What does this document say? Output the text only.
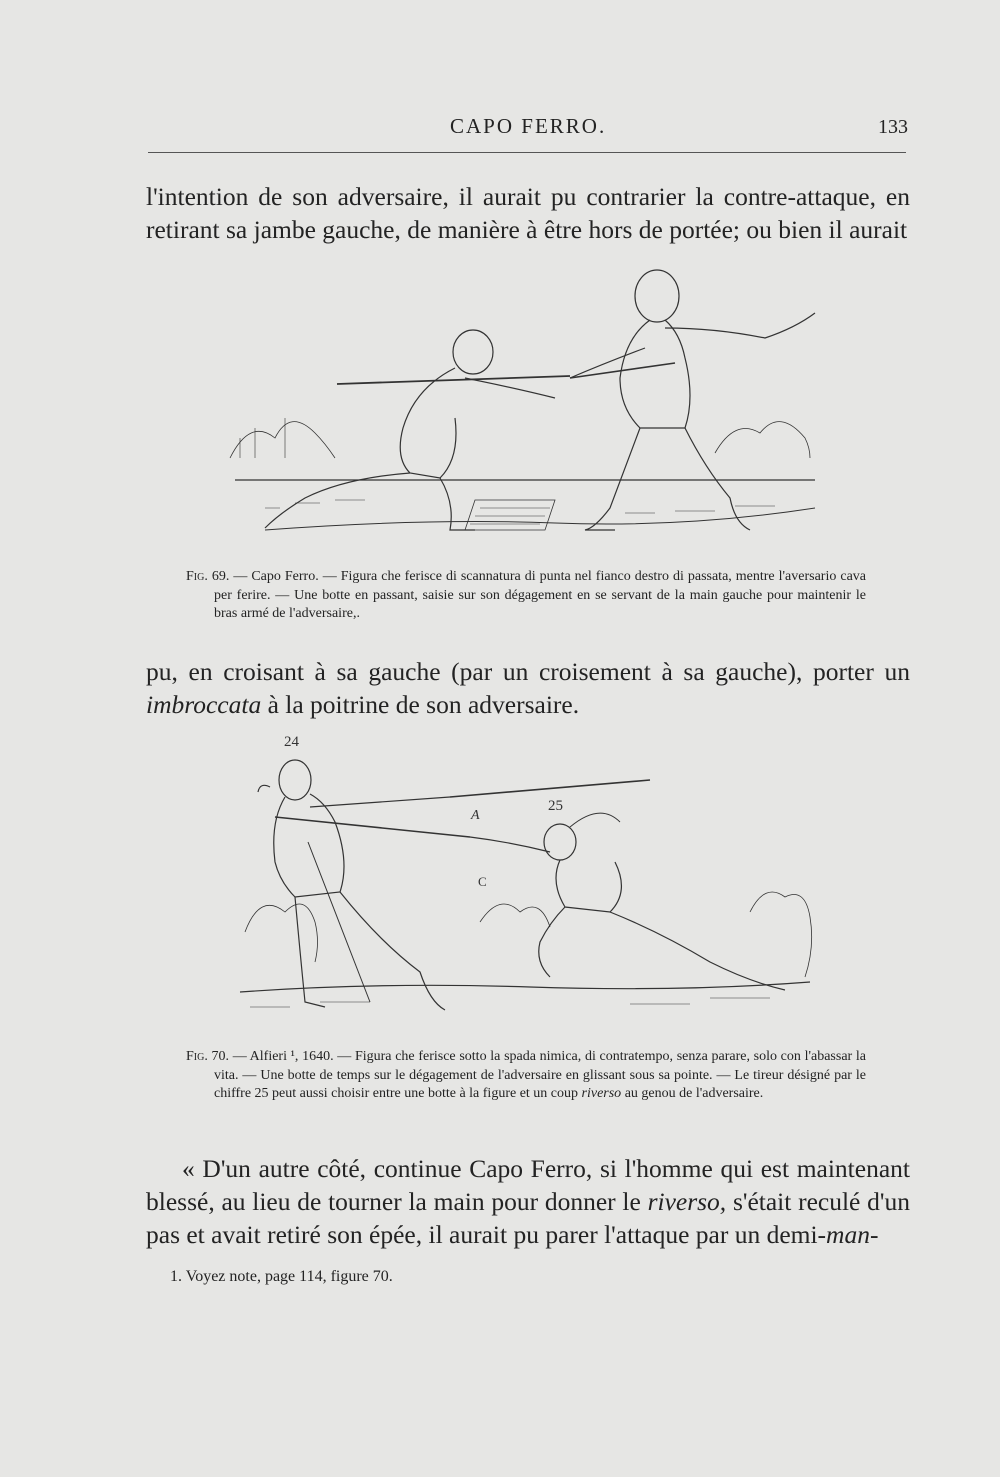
CAPO FERRO.	133

l'intention de son adversaire, il aurait pu contrarier la contre-attaque, en retirant sa jambe gauche, de manière à être hors de portée; ou bien il aurait

Fig. 69. — Capo Ferro. — Figura che ferisce di scannatura di punta nel fianco destro di passata, mentre l'aversario cava per ferire. — Une botte en passant, saisie sur son dégagement en se servant de la main gauche pour maintenir le bras armé de l'adversaire,.

pu, en croisant à sa gauche (par un croisement à sa gauche), porter un imbroccata à la poitrine de son adversaire.

24
25
A
C

Fig. 70. — Alfieri ¹, 1640. — Figura che ferisce sotto la spada nimica, di contratempo, senza parare, solo con l'abassar la vita. — Une botte de temps sur le dégagement de l'adversaire en glissant sous sa pointe. — Le tireur désigné par le chiffre 25 peut aussi choisir entre une botte à la figure et un coup riverso au genou de l'adversaire.

« D'un autre côté, continue Capo Ferro, si l'homme qui est maintenant blessé, au lieu de tourner la main pour donner le riverso, s'était reculé d'un pas et avait retiré son épée, il aurait pu parer l'attaque par un demi-man-

1. Voyez note, page 114, figure 70.
